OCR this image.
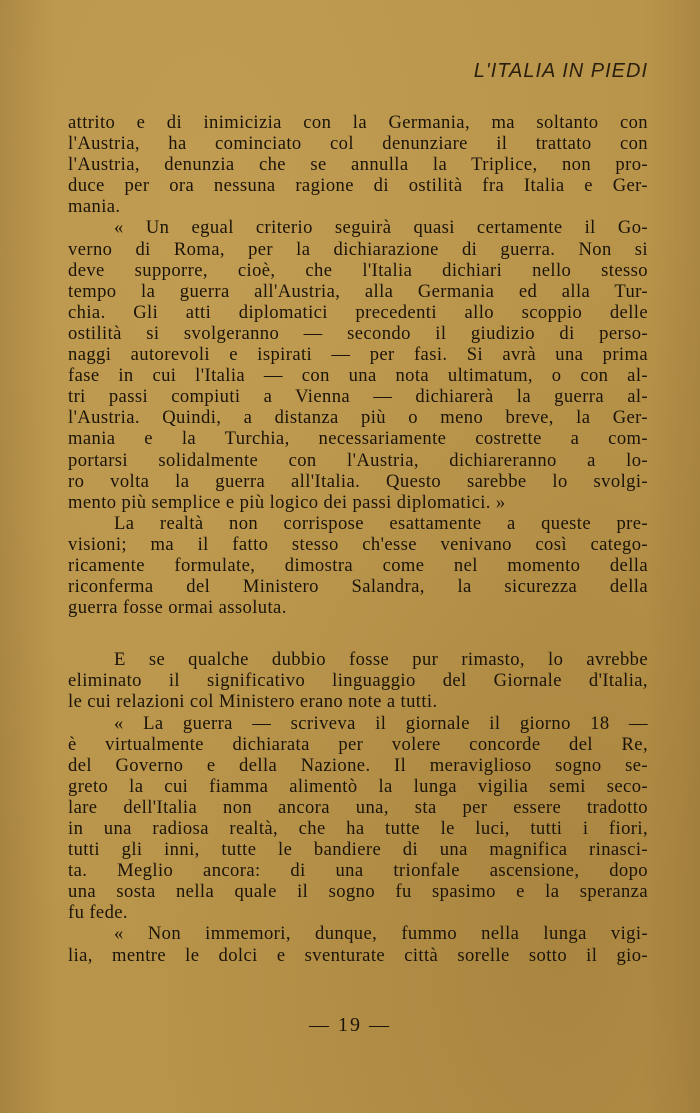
L'ITALIA IN PIEDI
attrito e di inimicizia con la Germania, ma soltanto con
l'Austria, ha cominciato col denunziare il trattato con
l'Austria, denunzia che se annulla la Triplice, non pro-
duce per ora nessuna ragione di ostilità fra Italia e Ger-
mania.
« Un egual criterio seguirà quasi certamente il Go-
verno di Roma, per la dichiarazione di guerra. Non si
deve supporre, cioè, che l'Italia dichiari nello stesso
tempo la guerra all'Austria, alla Germania ed alla Tur-
chia. Gli atti diplomatici precedenti allo scoppio delle
ostilità si svolgeranno — secondo il giudizio di perso-
naggi autorevoli e ispirati — per fasi. Si avrà una prima
fase in cui l'Italia — con una nota ultimatum, o con al-
tri passi compiuti a Vienna — dichiarerà la guerra al-
l'Austria. Quindi, a distanza più o meno breve, la Ger-
mania e la Turchia, necessariamente costrette a com-
portarsi solidalmente con l'Austria, dichiareranno a lo-
ro volta la guerra all'Italia. Questo sarebbe lo svolgi-
mento più semplice e più logico dei passi diplomatici. »
La realtà non corrispose esattamente a queste pre-
visioni; ma il fatto stesso ch'esse venivano così catego-
ricamente formulate, dimostra come nel momento della
riconferma del Ministero Salandra, la sicurezza della
guerra fosse ormai assoluta.
E se qualche dubbio fosse pur rimasto, lo avrebbe
eliminato il significativo linguaggio del Giornale d'Italia,
le cui relazioni col Ministero erano note a tutti.
« La guerra — scriveva il giornale il giorno 18 —
è virtualmente dichiarata per volere concorde del Re,
del Governo e della Nazione. Il meraviglioso sogno se-
greto la cui fiamma alimentò la lunga vigilia semi seco-
lare dell'Italia non ancora una, sta per essere tradotto
in una radiosa realtà, che ha tutte le luci, tutti i fiori,
tutti gli inni, tutte le bandiere di una magnifica rinasci-
ta. Meglio ancora: di una trionfale ascensione, dopo
una sosta nella quale il sogno fu spasimo e la speranza
fu fede.
« Non immemori, dunque, fummo nella lunga vigi-
lia, mentre le dolci e sventurate città sorelle sotto il gio-
— 19 —
